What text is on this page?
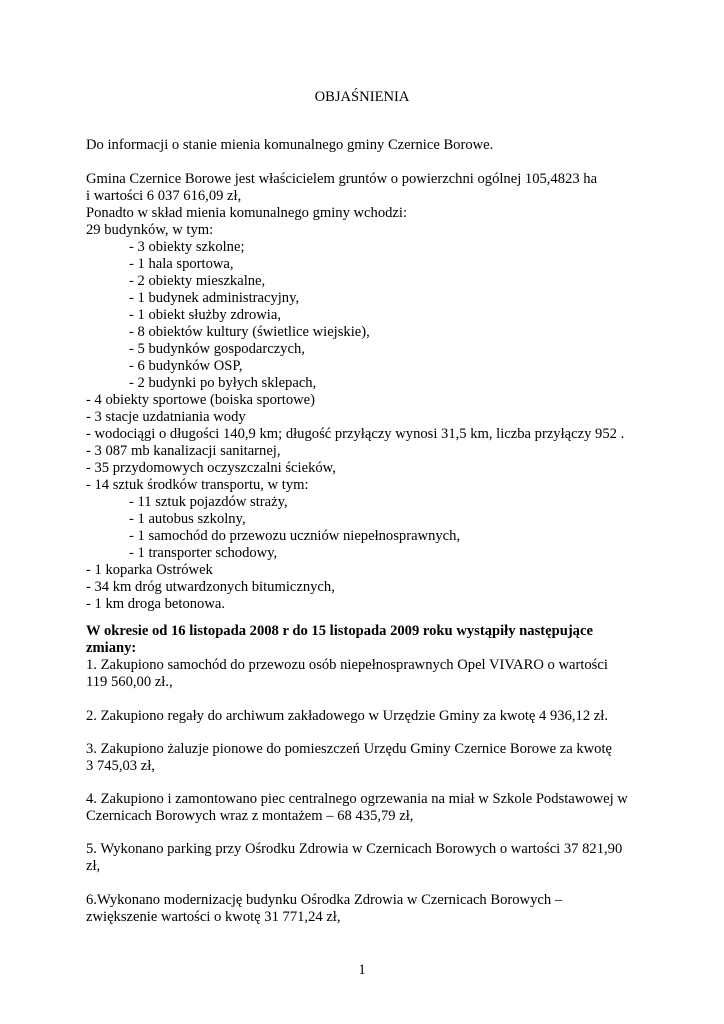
OBJAŚNIENIA
Do informacji o stanie mienia komunalnego gminy Czernice Borowe.
Gmina Czernice Borowe jest właścicielem gruntów o powierzchni ogólnej 105,4823 ha
i wartości 6 037 616,09 zł,
Ponadto w skład mienia komunalnego gminy wchodzi:
29 budynków, w tym:
- 3 obiekty szkolne;
- 1 hala sportowa,
- 2 obiekty mieszkalne,
- 1 budynek administracyjny,
- 1 obiekt służby zdrowia,
- 8 obiektów kultury (świetlice wiejskie),
- 5 budynków gospodarczych,
- 6 budynków OSP,
- 2 budynki po byłych sklepach,
- 4 obiekty sportowe (boiska sportowe)
- 3 stacje uzdatniania wody
- wodociągi o długości 140,9 km; długość przyłączy wynosi 31,5 km, liczba przyłączy 952 .
- 3 087 mb kanalizacji sanitarnej,
- 35 przydomowych oczyszczalni ścieków,
- 14 sztuk środków transportu, w tym:
- 11 sztuk pojazdów straży,
- 1 autobus szkolny,
- 1 samochód do przewozu uczniów niepełnosprawnych,
- 1 transporter schodowy,
- 1 koparka Ostrówek
- 34 km dróg utwardzonych bitumicznych,
- 1 km droga betonowa.
W okresie od 16 listopada 2008 r do 15 listopada 2009 roku wystąpiły następujące
zmiany:
1. Zakupiono samochód do przewozu osób niepełnosprawnych Opel VIVARO o wartości
119 560,00 zł.,
2. Zakupiono regały do archiwum zakładowego w Urzędzie Gminy za kwotę 4 936,12 zł.
3. Zakupiono żaluzje pionowe do pomieszczeń Urzędu Gminy Czernice Borowe za kwotę
3 745,03 zł,
4. Zakupiono i zamontowano piec centralnego ogrzewania na miał w Szkole Podstawowej w
Czernicach Borowych wraz z montażem – 68 435,79 zł,
5. Wykonano parking przy Ośrodku Zdrowia w Czernicach Borowych o wartości 37 821,90
zł,
6.Wykonano modernizację budynku Ośrodka Zdrowia w Czernicach Borowych –
zwiększenie wartości o kwotę 31 771,24 zł,
1
